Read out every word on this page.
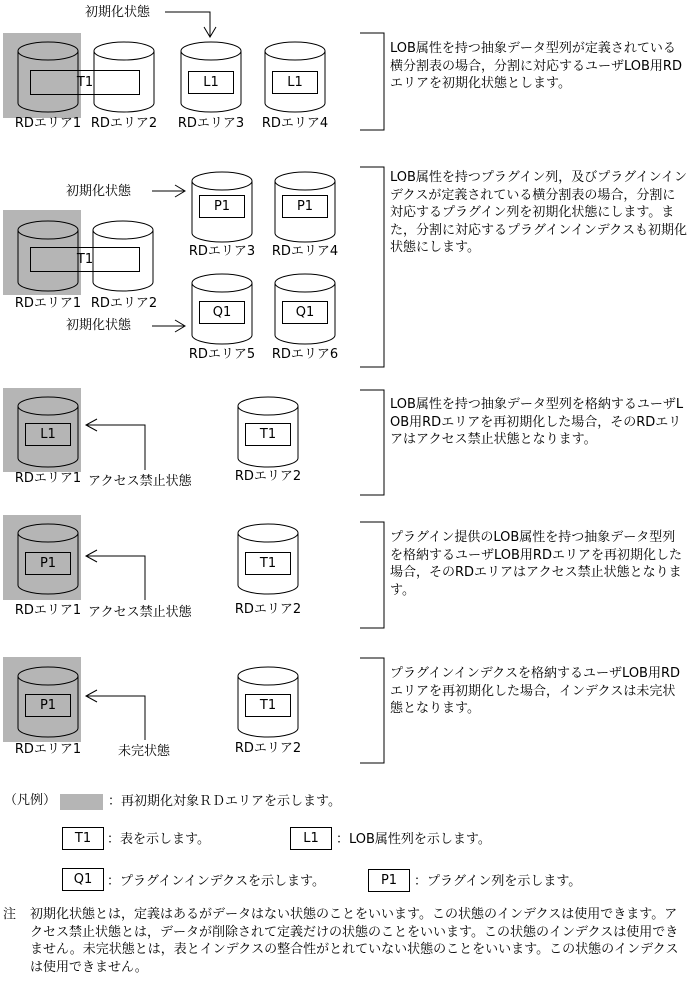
初期化状態
T1	L1	L1
RDエリア1 RDエリア2	RDエリア3	RDエリア4
LOB属性を持つ抽象データ型列が定義されている横分割表の場合，分割に対応するユーザLOB用RDエリアを初期化状態とします。
初期化状態
初期化状態
P1	P1
RDエリア3	RDエリア4
T1
RDエリア1 RDエリア2
Q1	Q1
RDエリア5	RDエリア6
LOB属性を持つプラグイン列，及びプラグインインデクスが定義されている横分割表の場合，分割に対応するプラグイン列を初期化状態にします。また，分割に対応するプラグインインデクスも初期化状態にします。
L1	T1
RDエリア1 アクセス禁止状態	RDエリア2
LOB属性を持つ抽象データ型列を格納するユーザLOB用RDエリアを再初期化した場合，そのRDエリアはアクセス禁止状態となります。
P1	T1
RDエリア1 アクセス禁止状態	RDエリア2
プラグイン提供のLOB属性を持つ抽象データ型列を格納するユーザLOB用RDエリアを再初期化した場合，そのRDエリアはアクセス禁止状態となります。
P1	T1
RDエリア1	未完状態	RDエリア2
プラグインインデクスを格納するユーザLOB用RDエリアを再初期化した場合，インデクスは未完状態となります。
（凡例）	：再初期化対象ＲＤエリアを示します。
T1	：表を示します。	L1	：LOB属性列を示します。
Q1	：プラグインインデクスを示します。	P1	：プラグイン列を示します。
注 初期化状態とは，定義はあるがデータはない状態のことをいいます。この状態のインデクスは使用できます。アクセス禁止状態とは，データが削除されて定義だけの状態のことをいいます。この状態のインデクスは使用できません。未完状態とは，表とインデクスの整合性がとれていない状態のことをいいます。この状態のインデクスは使用できません。
